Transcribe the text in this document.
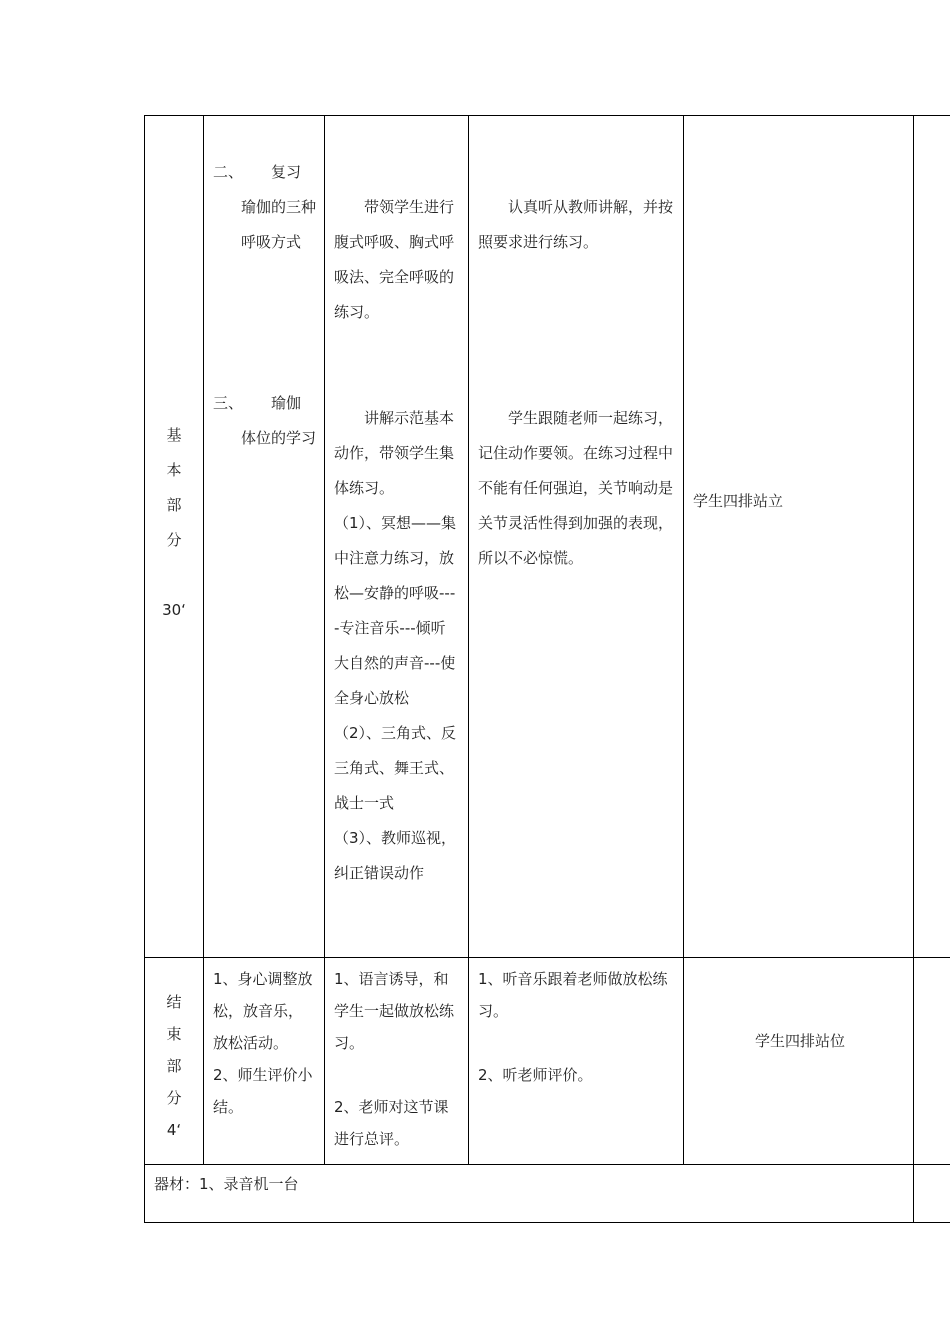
基
本
部
分
30‘
二、 复习
瑜伽的三种呼吸方式
三、 瑜伽
体位的学习

带领学生进行腹式呼吸、胸式呼吸法、完全呼吸的练习。

讲解示范基本动作，带领学生集体练习。

（1）、冥想——集中注意力练习，放松—安静的呼吸----专注音乐---倾听大自然的声音---使全身心放松

（2）、三角式、反三角式、舞王式、战士一式

（3）、教师巡视，纠正错误动作

认真听从教师讲解，并按照要求进行练习。

学生跟随老师一起练习，记住动作要领。在练习过程中不能有任何强迫，关节响动是关节灵活性得到加强的表现，所以不必惊慌。

学生四排站立

结
束
部
分
4‘

1、身心调整放松，放音乐，放松活动。

2、师生评价小结。

1、语言诱导，和学生一起做放松练习。

2、老师对这节课进行总评。

1、听音乐跟着老师做放松练习。

2、听老师评价。

学生四排站位

器材：1、录音机一台
